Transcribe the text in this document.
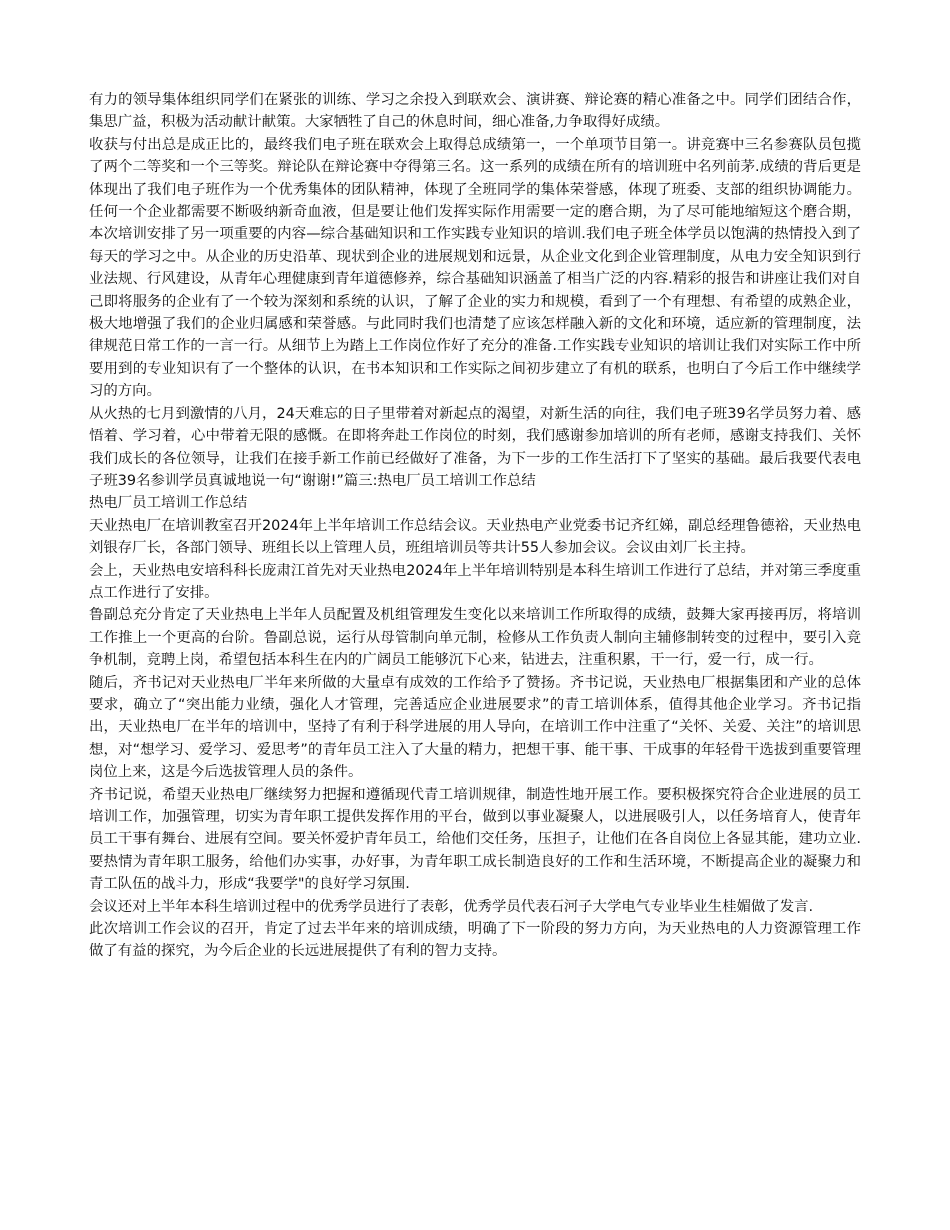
有力的领导集体组织同学们在紧张的训练、学习之余投入到联欢会、演讲赛、辩论赛的精心准备之中。同学们团结合作，集思广益，积极为活动献计献策。大家牺牲了自己的休息时间，细心准备,力争取得好成绩。

收获与付出总是成正比的，最终我们电子班在联欢会上取得总成绩第一，一个单项节目第一。讲竞赛中三名参赛队员包揽了两个二等奖和一个三等奖。辩论队在辩论赛中夺得第三名。这一系列的成绩在所有的培训班中名列前茅.成绩的背后更是体现出了我们电子班作为一个优秀集体的团队精神，体现了全班同学的集体荣誉感，体现了班委、支部的组织协调能力。任何一个企业都需要不断吸纳新奇血液，但是要让他们发挥实际作用需要一定的磨合期，为了尽可能地缩短这个磨合期，本次培训安排了另一项重要的内容—综合基础知识和工作实践专业知识的培训.我们电子班全体学员以饱满的热情投入到了每天的学习之中。从企业的历史沿革、现状到企业的进展规划和远景，从企业文化到企业管理制度，从电力安全知识到行业法规、行风建设，从青年心理健康到青年道德修养，综合基础知识涵盖了相当广泛的内容.精彩的报告和讲座让我们对自己即将服务的企业有了一个较为深刻和系统的认识，了解了企业的实力和规模，看到了一个有理想、有希望的成熟企业，极大地增强了我们的企业归属感和荣誉感。与此同时我们也清楚了应该怎样融入新的文化和环境，适应新的管理制度，法律规范日常工作的一言一行。从细节上为踏上工作岗位作好了充分的准备.工作实践专业知识的培训让我们对实际工作中所要用到的专业知识有了一个整体的认识，在书本知识和工作实际之间初步建立了有机的联系，也明白了今后工作中继续学习的方向。

从火热的七月到激情的八月，24天难忘的日子里带着对新起点的渴望，对新生活的向往，我们电子班39名学员努力着、感悟着、学习着，心中带着无限的感慨。在即将奔赴工作岗位的时刻，我们感谢参加培训的所有老师，感谢支持我们、关怀我们成长的各位领导，让我们在接手新工作前已经做好了准备，为下一步的工作生活打下了坚实的基础。最后我要代表电子班39名参训学员真诚地说一句“谢谢!”篇三:热电厂员工培训工作总结

热电厂员工培训工作总结

天业热电厂在培训教室召开2024年上半年培训工作总结会议。天业热电产业党委书记齐红娣，副总经理鲁德裕，天业热电刘银存厂长，各部门领导、班组长以上管理人员，班组培训员等共计55人参加会议。会议由刘厂长主持。

会上，天业热电安培科科长庞肃江首先对天业热电2024年上半年培训特别是本科生培训工作进行了总结，并对第三季度重点工作进行了安排。

鲁副总充分肯定了天业热电上半年人员配置及机组管理发生变化以来培训工作所取得的成绩，鼓舞大家再接再厉，将培训工作推上一个更高的台阶。鲁副总说，运行从母管制向单元制，检修从工作负责人制向主辅修制转变的过程中，要引入竞争机制，竞聘上岗，希望包括本科生在内的广阔员工能够沉下心来，钻进去，注重积累，干一行，爱一行，成一行。

随后，齐书记对天业热电厂半年来所做的大量卓有成效的工作给予了赞扬。齐书记说，天业热电厂根据集团和产业的总体要求，确立了“突出能力业绩，强化人才管理，完善适应企业进展要求”的青工培训体系，值得其他企业学习。齐书记指出，天业热电厂在半年的培训中，坚持了有利于科学进展的用人导向，在培训工作中注重了“关怀、关爱、关注”的培训思想，对“想学习、爱学习、爱思考”的青年员工注入了大量的精力，把想干事、能干事、干成事的年轻骨干选拔到重要管理岗位上来，这是今后选拔管理人员的条件。

齐书记说，希望天业热电厂继续努力把握和遵循现代青工培训规律，制造性地开展工作。要积极探究符合企业进展的员工培训工作，加强管理，切实为青年职工提供发挥作用的平台，做到以事业凝聚人，以进展吸引人，以任务培育人，使青年员工干事有舞台、进展有空间。要关怀爱护青年员工，给他们交任务，压担子，让他们在各自岗位上各显其能，建功立业.要热情为青年职工服务，给他们办实事，办好事，为青年职工成长制造良好的工作和生活环境，不断提高企业的凝聚力和青工队伍的战斗力，形成“我要学"的良好学习氛围.

会议还对上半年本科生培训过程中的优秀学员进行了表彰，优秀学员代表石河子大学电气专业毕业生桂媚做了发言.

此次培训工作会议的召开，肯定了过去半年来的培训成绩，明确了下一阶段的努力方向，为天业热电的人力资源管理工作做了有益的探究，为今后企业的长远进展提供了有利的智力支持。
